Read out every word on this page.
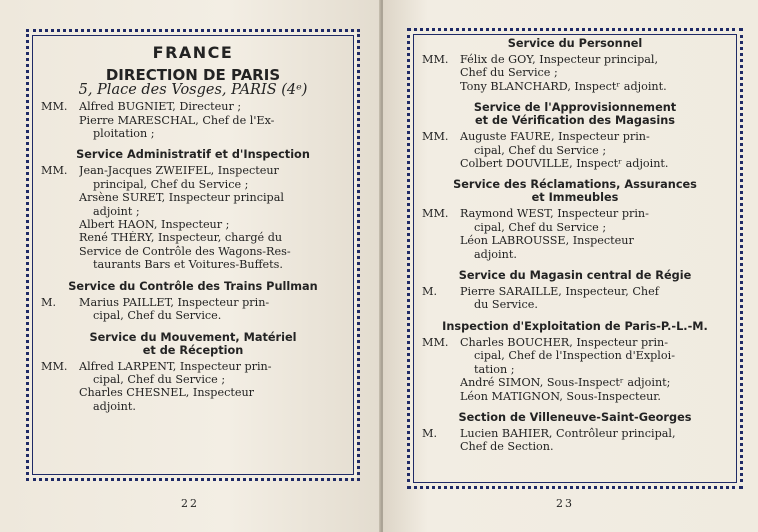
FRANCE
DIRECTION DE PARIS
5, Place des Vosges, PARIS (4ᵉ)
MM. Alfred BUGNIET, Directeur ;
Pierre MARESCHAL, Chef de l'Ex-
ploitation ;
Service Administratif et d'Inspection
MM. Jean-Jacques ZWEIFEL, Inspecteur
principal, Chef du Service ;
Arsène SURET, Inspecteur principal
adjoint ;
Albert HAON, Inspecteur ;
René THÉRY, Inspecteur, chargé du
Service de Contrôle des Wagons-Res-
taurants Bars et Voitures-Buffets.
Service du Contrôle des Trains Pullman
M. Marius PAILLET, Inspecteur prin-
cipal, Chef du Service.
Service du Mouvement, Matériel
et de Réception
MM. Alfred LARPENT, Inspecteur prin-
cipal, Chef du Service ;
Charles CHESNEL, Inspecteur
adjoint.
22
Service du Personnel
MM. Félix de GOY, Inspecteur principal,
Chef du Service ;
Tony BLANCHARD, Inspectʳ adjoint.
Service de l'Approvisionnement
et de Vérification des Magasins
MM. Auguste FAURE, Inspecteur prin-
cipal, Chef du Service ;
Colbert DOUVILLE, Inspectʳ adjoint.
Service des Réclamations, Assurances
et Immeubles
MM. Raymond WEST, Inspecteur prin-
cipal, Chef du Service ;
Léon LABROUSSE, Inspecteur
adjoint.
Service du Magasin central de Régie
M. Pierre SARAILLE, Inspecteur, Chef
du Service.
Inspection d'Exploitation de Paris-P.-L.-M.
MM. Charles BOUCHER, Inspecteur prin-
cipal, Chef de l'Inspection d'Exploi-
tation ;
André SIMON, Sous-Inspectʳ adjoint;
Léon MATIGNON, Sous-Inspecteur.
Section de Villeneuve-Saint-Georges
M. Lucien BAHIER, Contrôleur principal,
Chef de Section.
23
